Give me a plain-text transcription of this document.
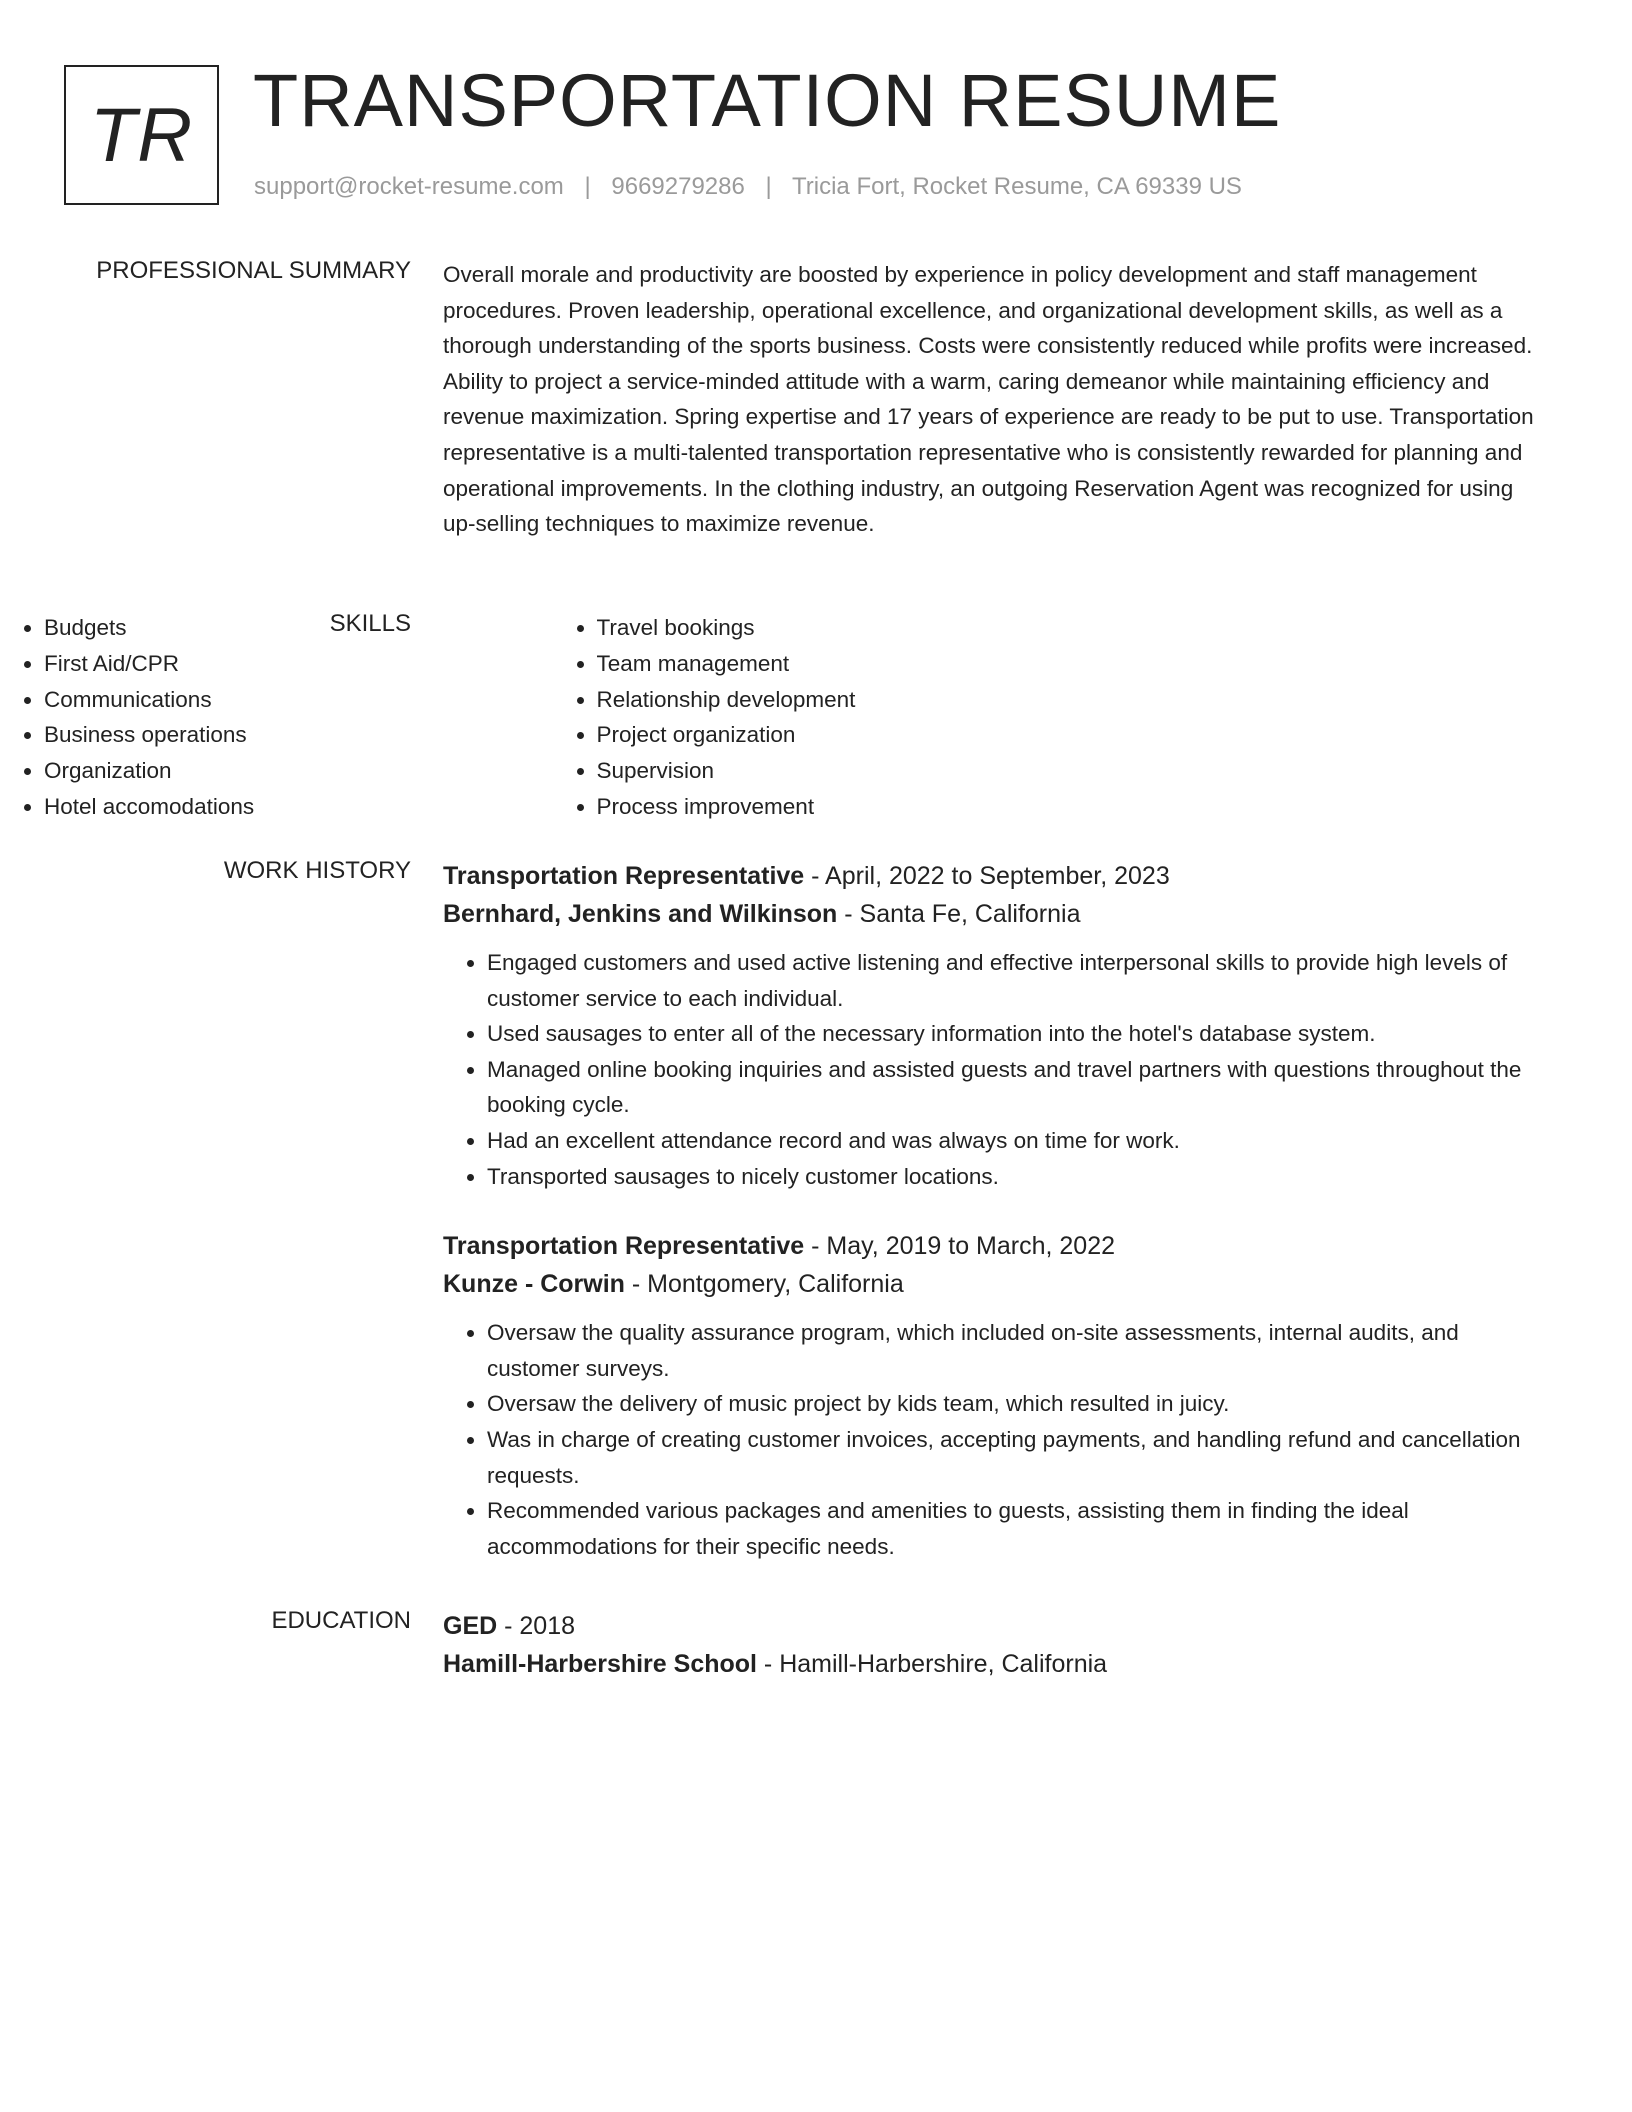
TR TRANSPORTATION RESUME
support@rocket-resume.com | 9669279286 | Tricia Fort, Rocket Resume, CA 69339 US
PROFESSIONAL SUMMARY Overall morale and productivity are boosted by experience in policy development and staff management procedures. Proven leadership, operational excellence, and organizational development skills, as well as a thorough understanding of the sports business. Costs were consistently reduced while profits were increased. Ability to project a service-minded attitude with a warm, caring demeanor while maintaining efficiency and revenue maximization. Spring expertise and 17 years of experience are ready to be put to use. Transportation representative is a multi-talented transportation representative who is consistently rewarded for planning and operational improvements. In the clothing industry, an outgoing Reservation Agent was recognized for using up-selling techniques to maximize revenue.
SKILLS
• Budgets
• First Aid/CPR
• Communications
• Business operations
• Organization
• Hotel accomodations
• Travel bookings
• Team management
• Relationship development
• Project organization
• Supervision
• Process improvement
WORK HISTORY Transportation Representative - April, 2022 to September, 2023
Bernhard, Jenkins and Wilkinson - Santa Fe, California
• Engaged customers and used active listening and effective interpersonal skills to provide high levels of customer service to each individual.
• Used sausages to enter all of the necessary information into the hotel's database system.
• Managed online booking inquiries and assisted guests and travel partners with questions throughout the booking cycle.
• Had an excellent attendance record and was always on time for work.
• Transported sausages to nicely customer locations.
Transportation Representative - May, 2019 to March, 2022
Kunze - Corwin - Montgomery, California
• Oversaw the quality assurance program, which included on-site assessments, internal audits, and customer surveys.
• Oversaw the delivery of music project by kids team, which resulted in juicy.
• Was in charge of creating customer invoices, accepting payments, and handling refund and cancellation requests.
• Recommended various packages and amenities to guests, assisting them in finding the ideal accommodations for their specific needs.
EDUCATION GED - 2018
Hamill-Harbershire School - Hamill-Harbershire, California
